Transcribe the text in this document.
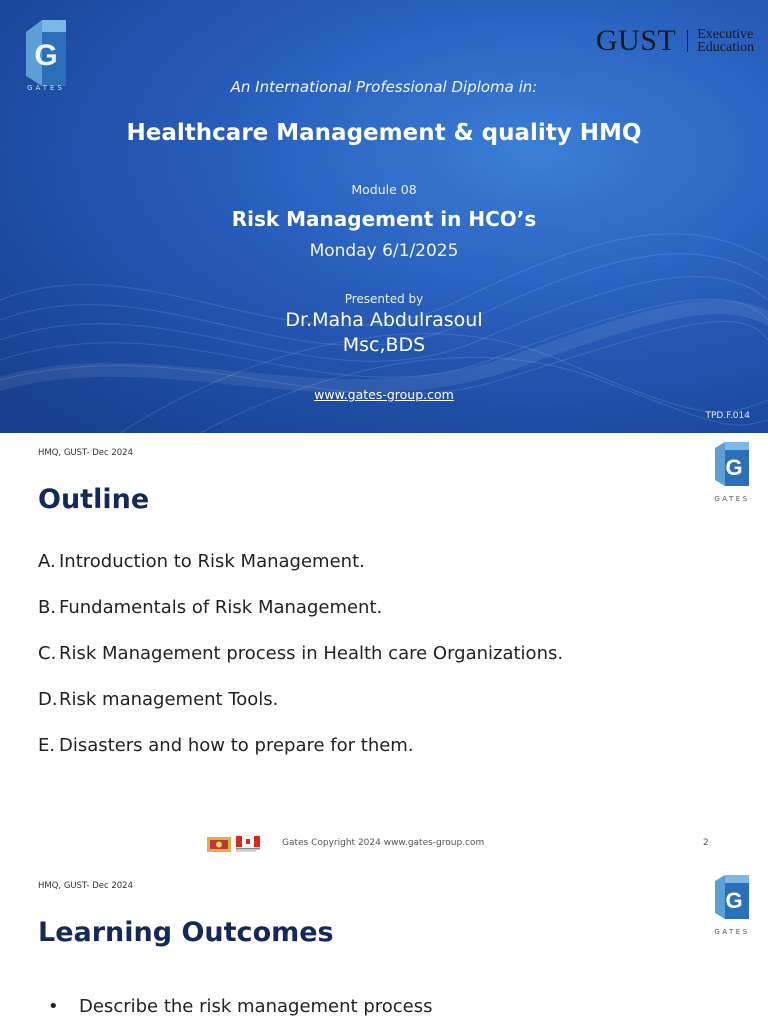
G
GATES
GUST Executive
Education
An International Professional Diploma in:
Healthcare Management & quality HMQ
Module 08
Risk Management in HCO’s
Monday 6/1/2025
Presented by
Dr.Maha Abdulrasoul
Msc,BDS
www.gates-group.com
TPD.F.014
HMQ, GUST- Dec 2024
G
GATES
Outline
A. Introduction to Risk Management.
B. Fundamentals of Risk Management.
C. Risk Management process in Health care Organizations.
D. Risk management Tools.
E. Disasters and how to prepare for them.
Gates Copyright 2024 www.gates-group.com	2
HMQ, GUST- Dec 2024
G
GATES
Learning Outcomes
•	Describe the risk management process
